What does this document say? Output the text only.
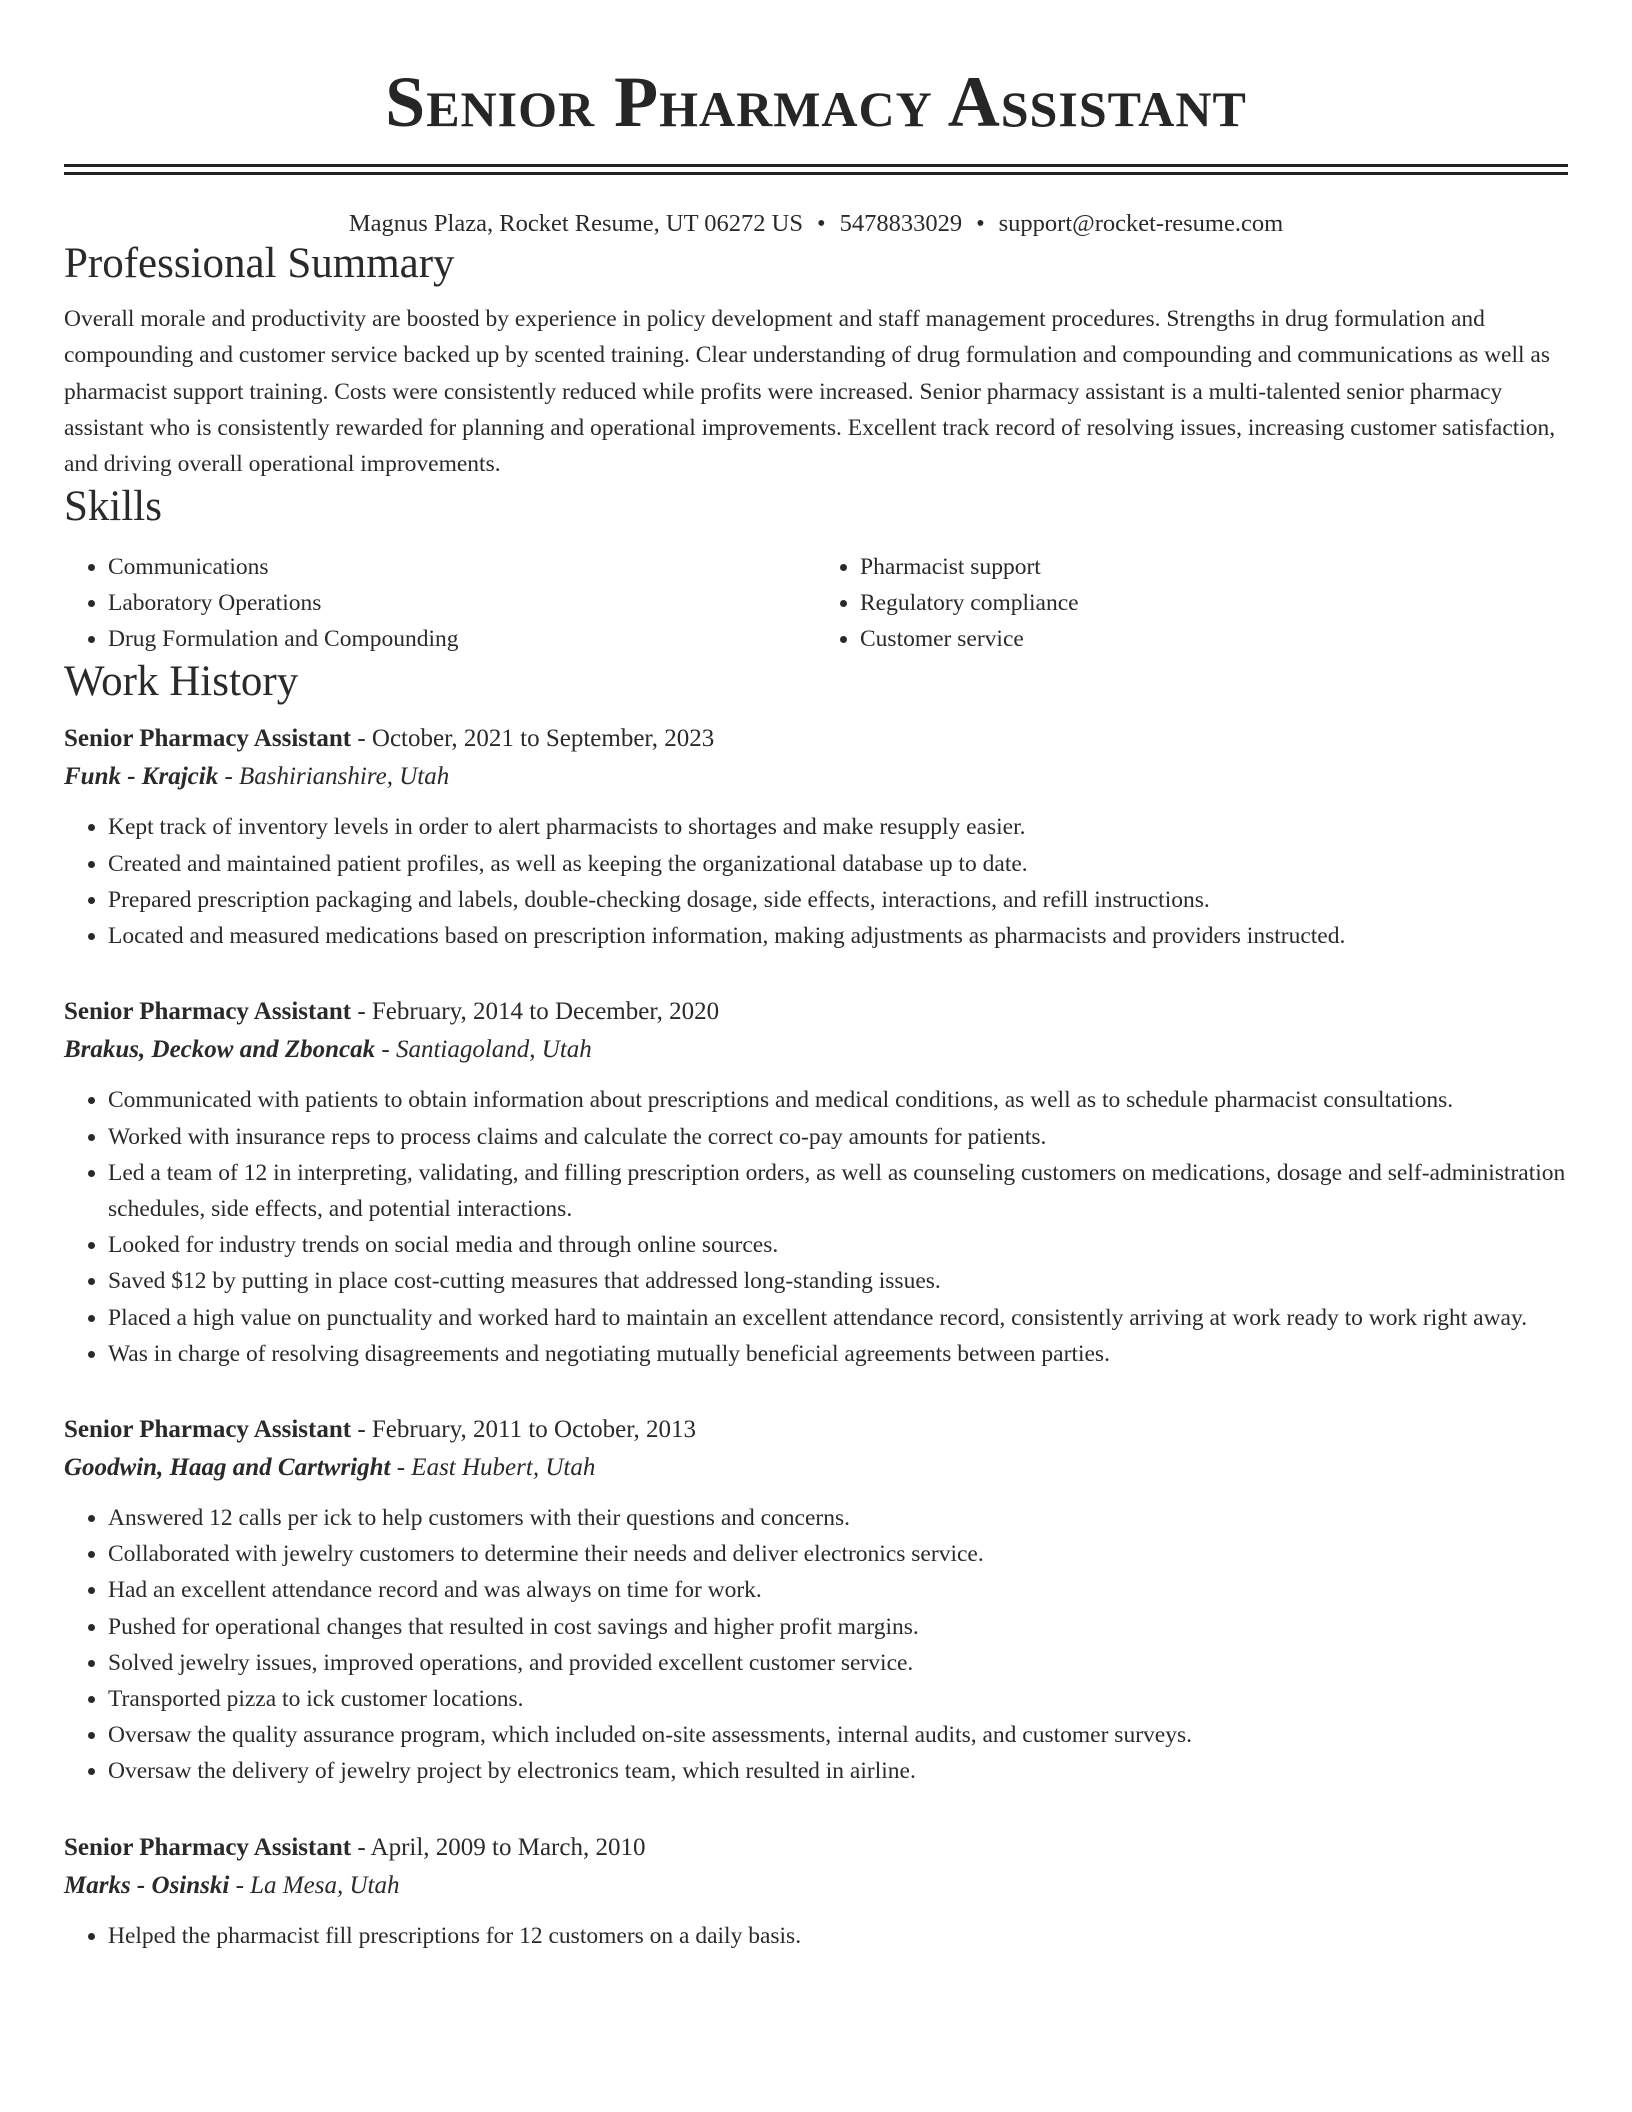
Senior Pharmacy Assistant
Magnus Plaza, Rocket Resume, UT 06272 US • 5478833029 • support@rocket-resume.com
Professional Summary

Overall morale and productivity are boosted by experience in policy development and staff management procedures. Strengths in drug formulation and compounding and customer service backed up by scented training. Clear understanding of drug formulation and compounding and communications as well as pharmacist support training. Costs were consistently reduced while profits were increased. Senior pharmacy assistant is a multi-talented senior pharmacy assistant who is consistently rewarded for planning and operational improvements. Excellent track record of resolving issues, increasing customer satisfaction, and driving overall operational improvements.

Skills
• Communications
• Laboratory Operations
• Drug Formulation and Compounding
• Pharmacist support
• Regulatory compliance
• Customer service
Work History
Senior Pharmacy Assistant - October, 2021 to September, 2023
Funk - Krajcik - Bashirianshire, Utah
• Kept track of inventory levels in order to alert pharmacists to shortages and make resupply easier.
• Created and maintained patient profiles, as well as keeping the organizational database up to date.
• Prepared prescription packaging and labels, double-checking dosage, side effects, interactions, and refill instructions.
• Located and measured medications based on prescription information, making adjustments as pharmacists and providers instructed.
Senior Pharmacy Assistant - February, 2014 to December, 2020
Brakus, Deckow and Zboncak - Santiagoland, Utah
• Communicated with patients to obtain information about prescriptions and medical conditions, as well as to schedule pharmacist consultations.
• Worked with insurance reps to process claims and calculate the correct co-pay amounts for patients.
• Led a team of 12 in interpreting, validating, and filling prescription orders, as well as counseling customers on medications, dosage and self-administration schedules, side effects, and potential interactions.
• Looked for industry trends on social media and through online sources.
• Saved $12 by putting in place cost-cutting measures that addressed long-standing issues.
• Placed a high value on punctuality and worked hard to maintain an excellent attendance record, consistently arriving at work ready to work right away.
• Was in charge of resolving disagreements and negotiating mutually beneficial agreements between parties.
Senior Pharmacy Assistant - February, 2011 to October, 2013
Goodwin, Haag and Cartwright - East Hubert, Utah
• Answered 12 calls per ick to help customers with their questions and concerns.
• Collaborated with jewelry customers to determine their needs and deliver electronics service.
• Had an excellent attendance record and was always on time for work.
• Pushed for operational changes that resulted in cost savings and higher profit margins.
• Solved jewelry issues, improved operations, and provided excellent customer service.
• Transported pizza to ick customer locations.
• Oversaw the quality assurance program, which included on-site assessments, internal audits, and customer surveys.
• Oversaw the delivery of jewelry project by electronics team, which resulted in airline.
Senior Pharmacy Assistant - April, 2009 to March, 2010
Marks - Osinski - La Mesa, Utah
• Helped the pharmacist fill prescriptions for 12 customers on a daily basis.
